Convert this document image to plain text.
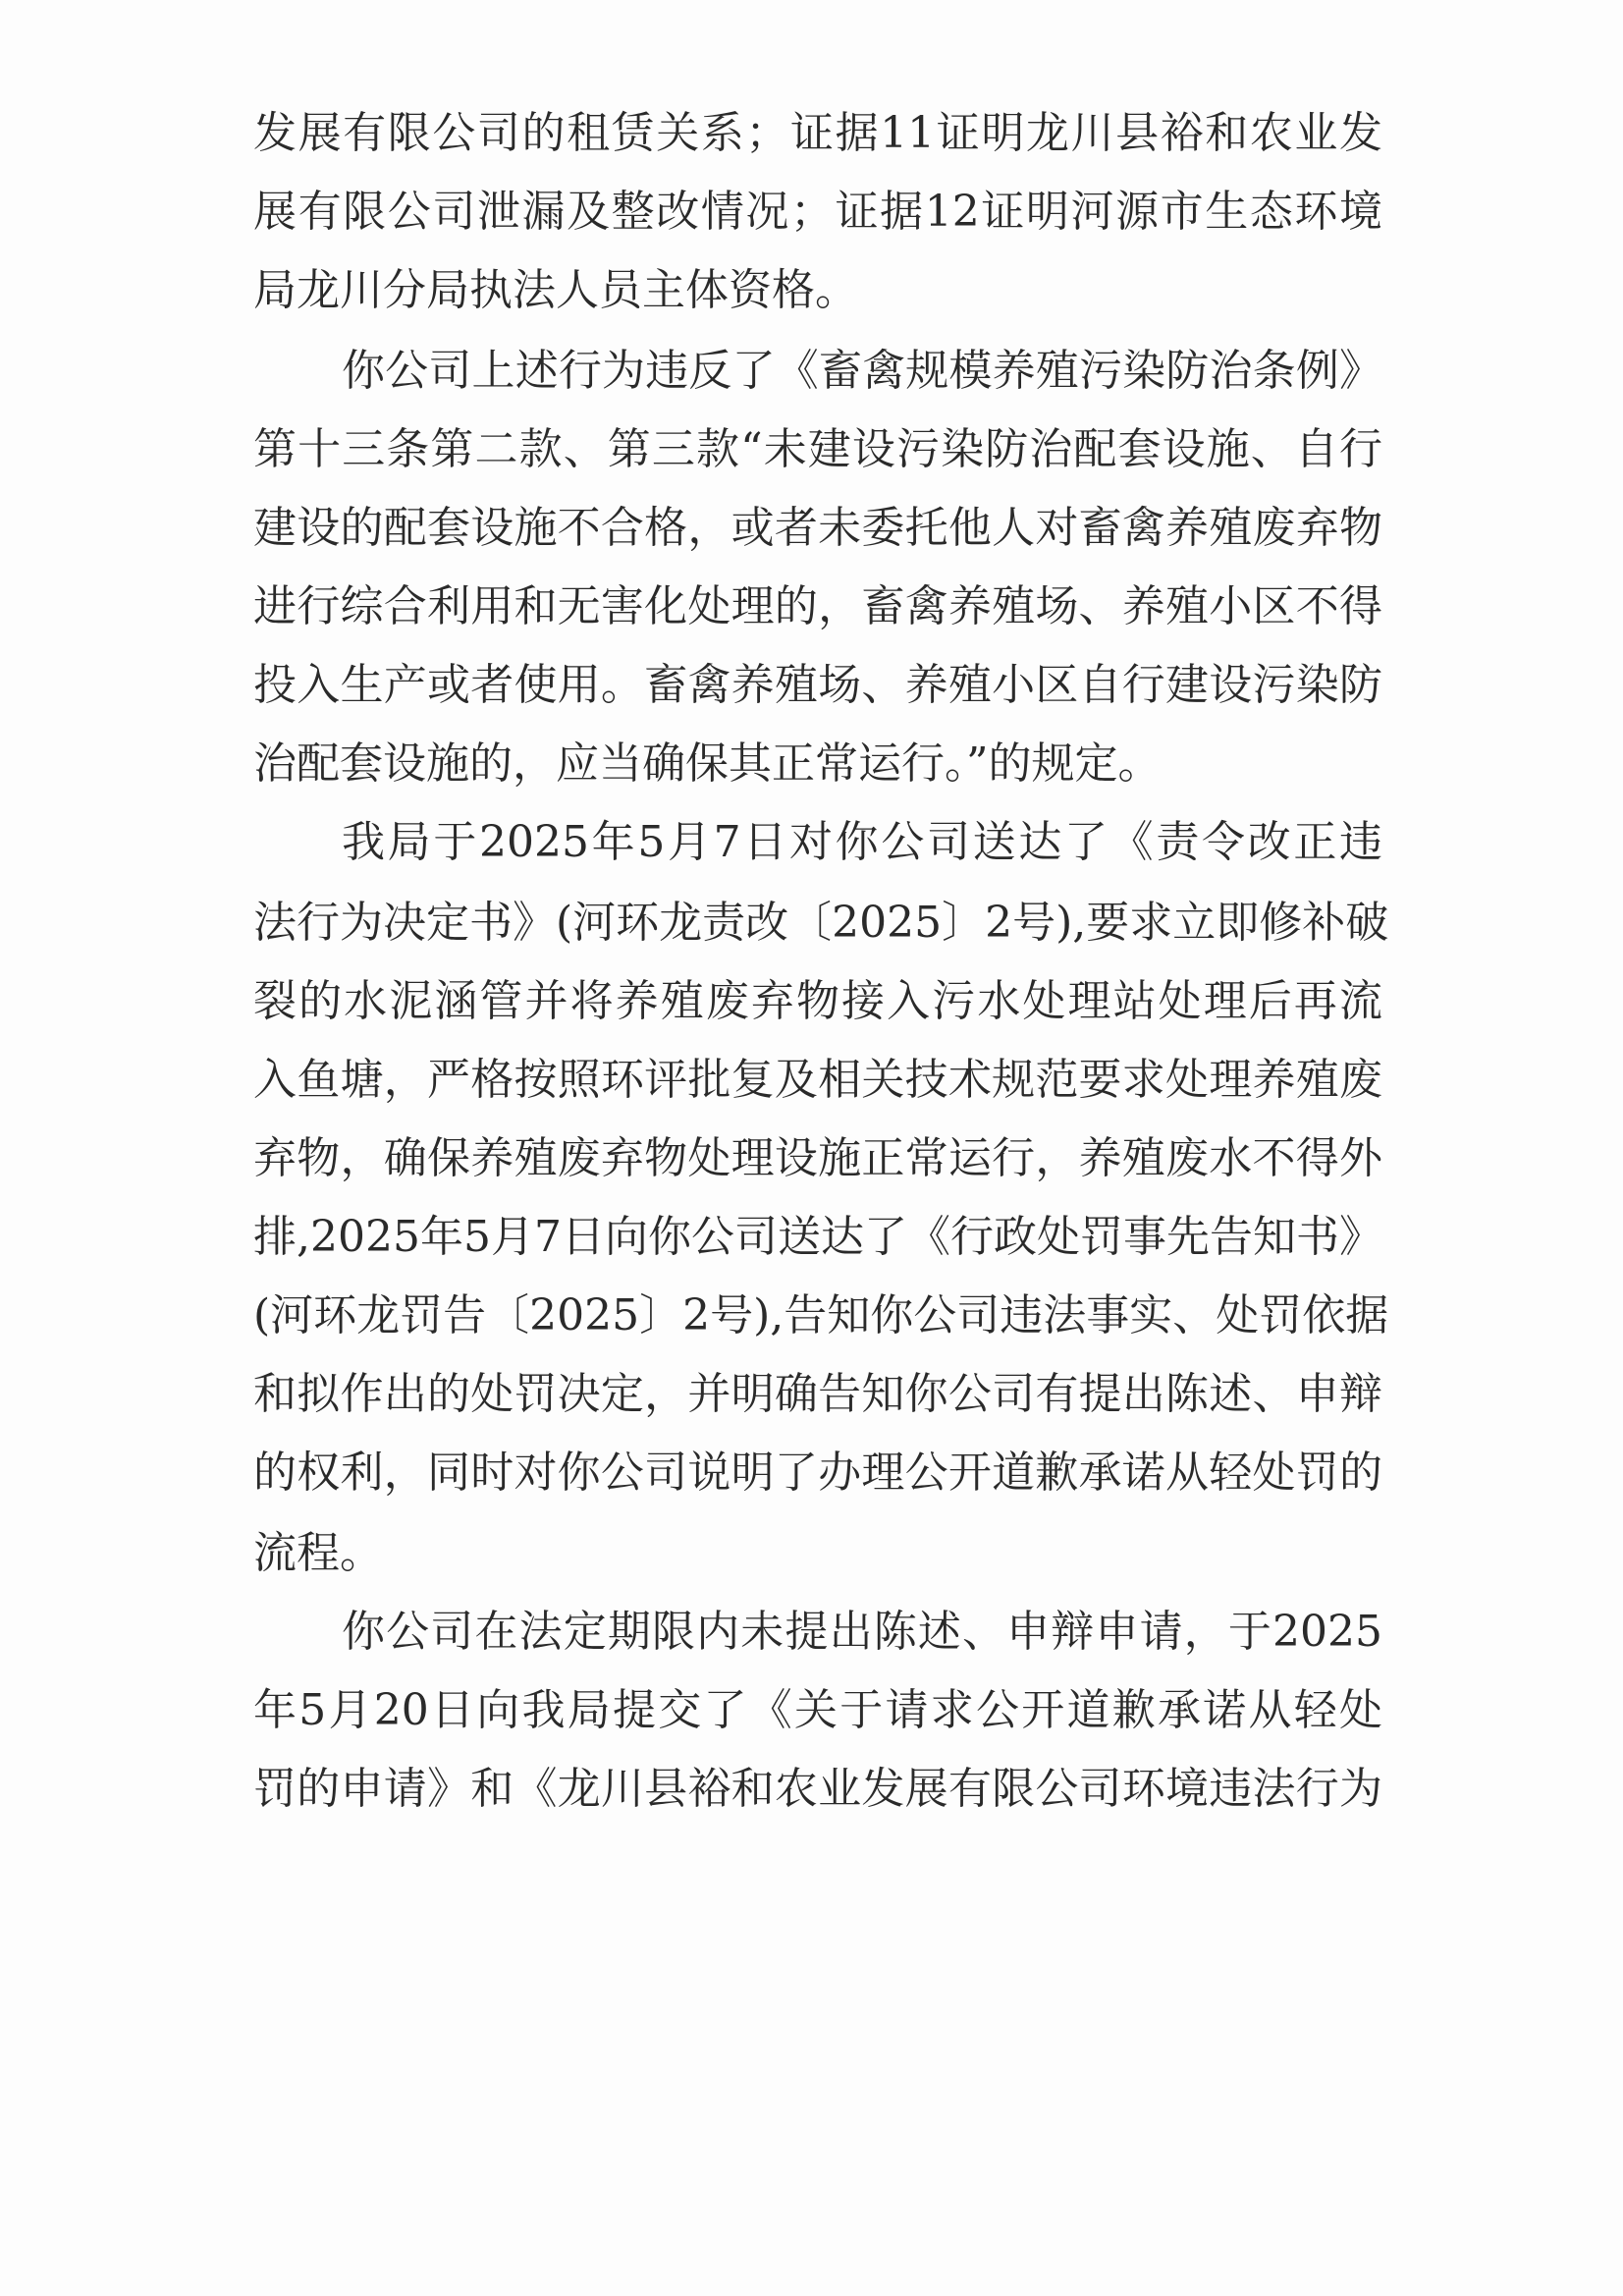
发展有限公司的租赁关系；证据11证明龙川县裕和农业发
展有限公司泄漏及整改情况；证据12证明河源市生态环境
局龙川分局执法人员主体资格。
你公司上述行为违反了《畜禽规模养殖污染防治条例》
第十三条第二款、第三款“未建设污染防治配套设施、自行
建设的配套设施不合格，或者未委托他人对畜禽养殖废弃物
进行综合利用和无害化处理的，畜禽养殖场、养殖小区不得
投入生产或者使用。畜禽养殖场、养殖小区自行建设污染防
治配套设施的，应当确保其正常运行。”的规定。
我局于2025年5月7日对你公司送达了《责令改正违
法行为决定书》(河环龙责改〔2025〕2号),要求立即修补破
裂的水泥涵管并将养殖废弃物接入污水处理站处理后再流
入鱼塘，严格按照环评批复及相关技术规范要求处理养殖废
弃物，确保养殖废弃物处理设施正常运行，养殖废水不得外
排,2025年5月7日向你公司送达了《行政处罚事先告知书》
(河环龙罚告〔2025〕2号),告知你公司违法事实、处罚依据
和拟作出的处罚决定，并明确告知你公司有提出陈述、申辩
的权利，同时对你公司说明了办理公开道歉承诺从轻处罚的
流程。
你公司在法定期限内未提出陈述、申辩申请，于2025
年5月20日向我局提交了《关于请求公开道歉承诺从轻处
罚的申请》和《龙川县裕和农业发展有限公司环境违法行为
